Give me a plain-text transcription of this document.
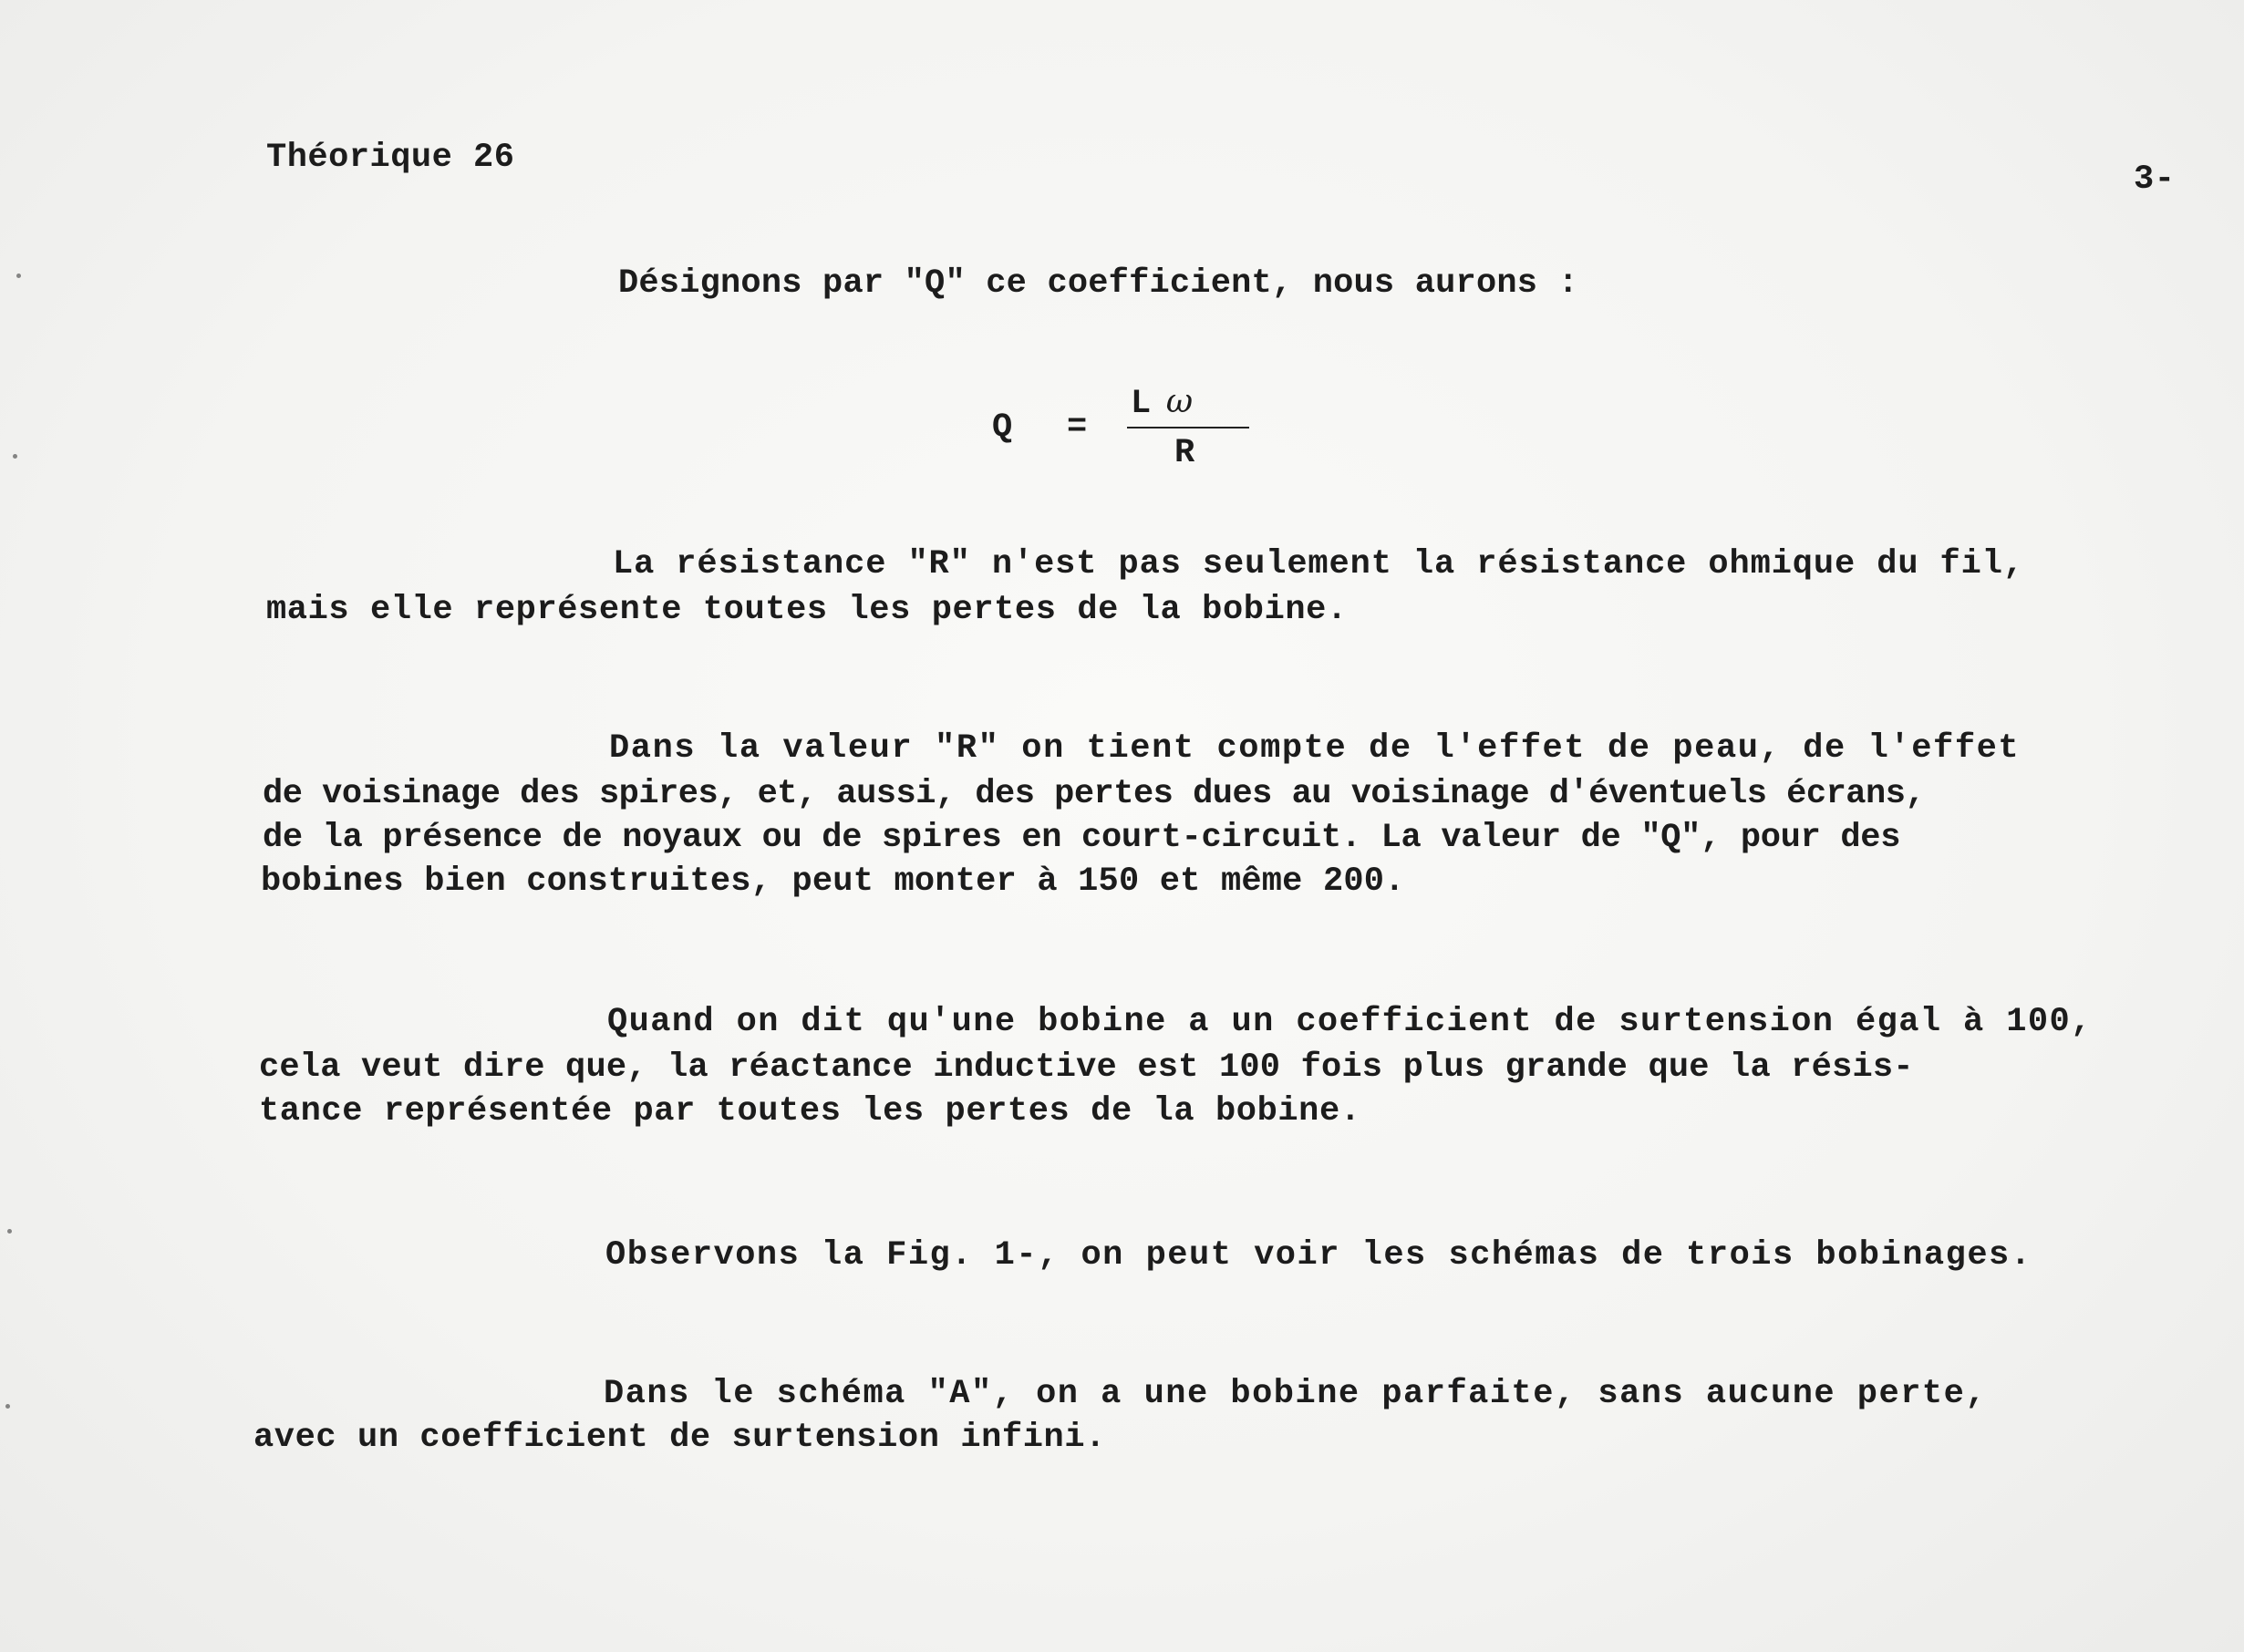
Théorique 26
3-
Désignons par "Q" ce coefficient, nous aurons :
Q =
L ω
R
La résistance "R" n'est pas seulement la résistance ohmique du fil,
mais elle représente toutes les pertes de la bobine.
Dans la valeur "R" on tient compte de l'effet de peau, de l'effet
de voisinage des spires, et, aussi, des pertes dues au voisinage d'éventuels écrans,
de la présence de noyaux ou de spires en court-circuit. La valeur de "Q", pour des
bobines bien construites, peut monter à 150 et même 200.
Quand on dit qu'une bobine a un coefficient de surtension égal à 100,
cela veut dire que, la réactance inductive est 100 fois plus grande que la résis-
tance représentée par toutes les pertes de la bobine.
Observons la Fig. 1-, on peut voir les schémas de trois bobinages.
Dans le schéma "A", on a une bobine parfaite, sans aucune perte,
avec un coefficient de surtension infini.
